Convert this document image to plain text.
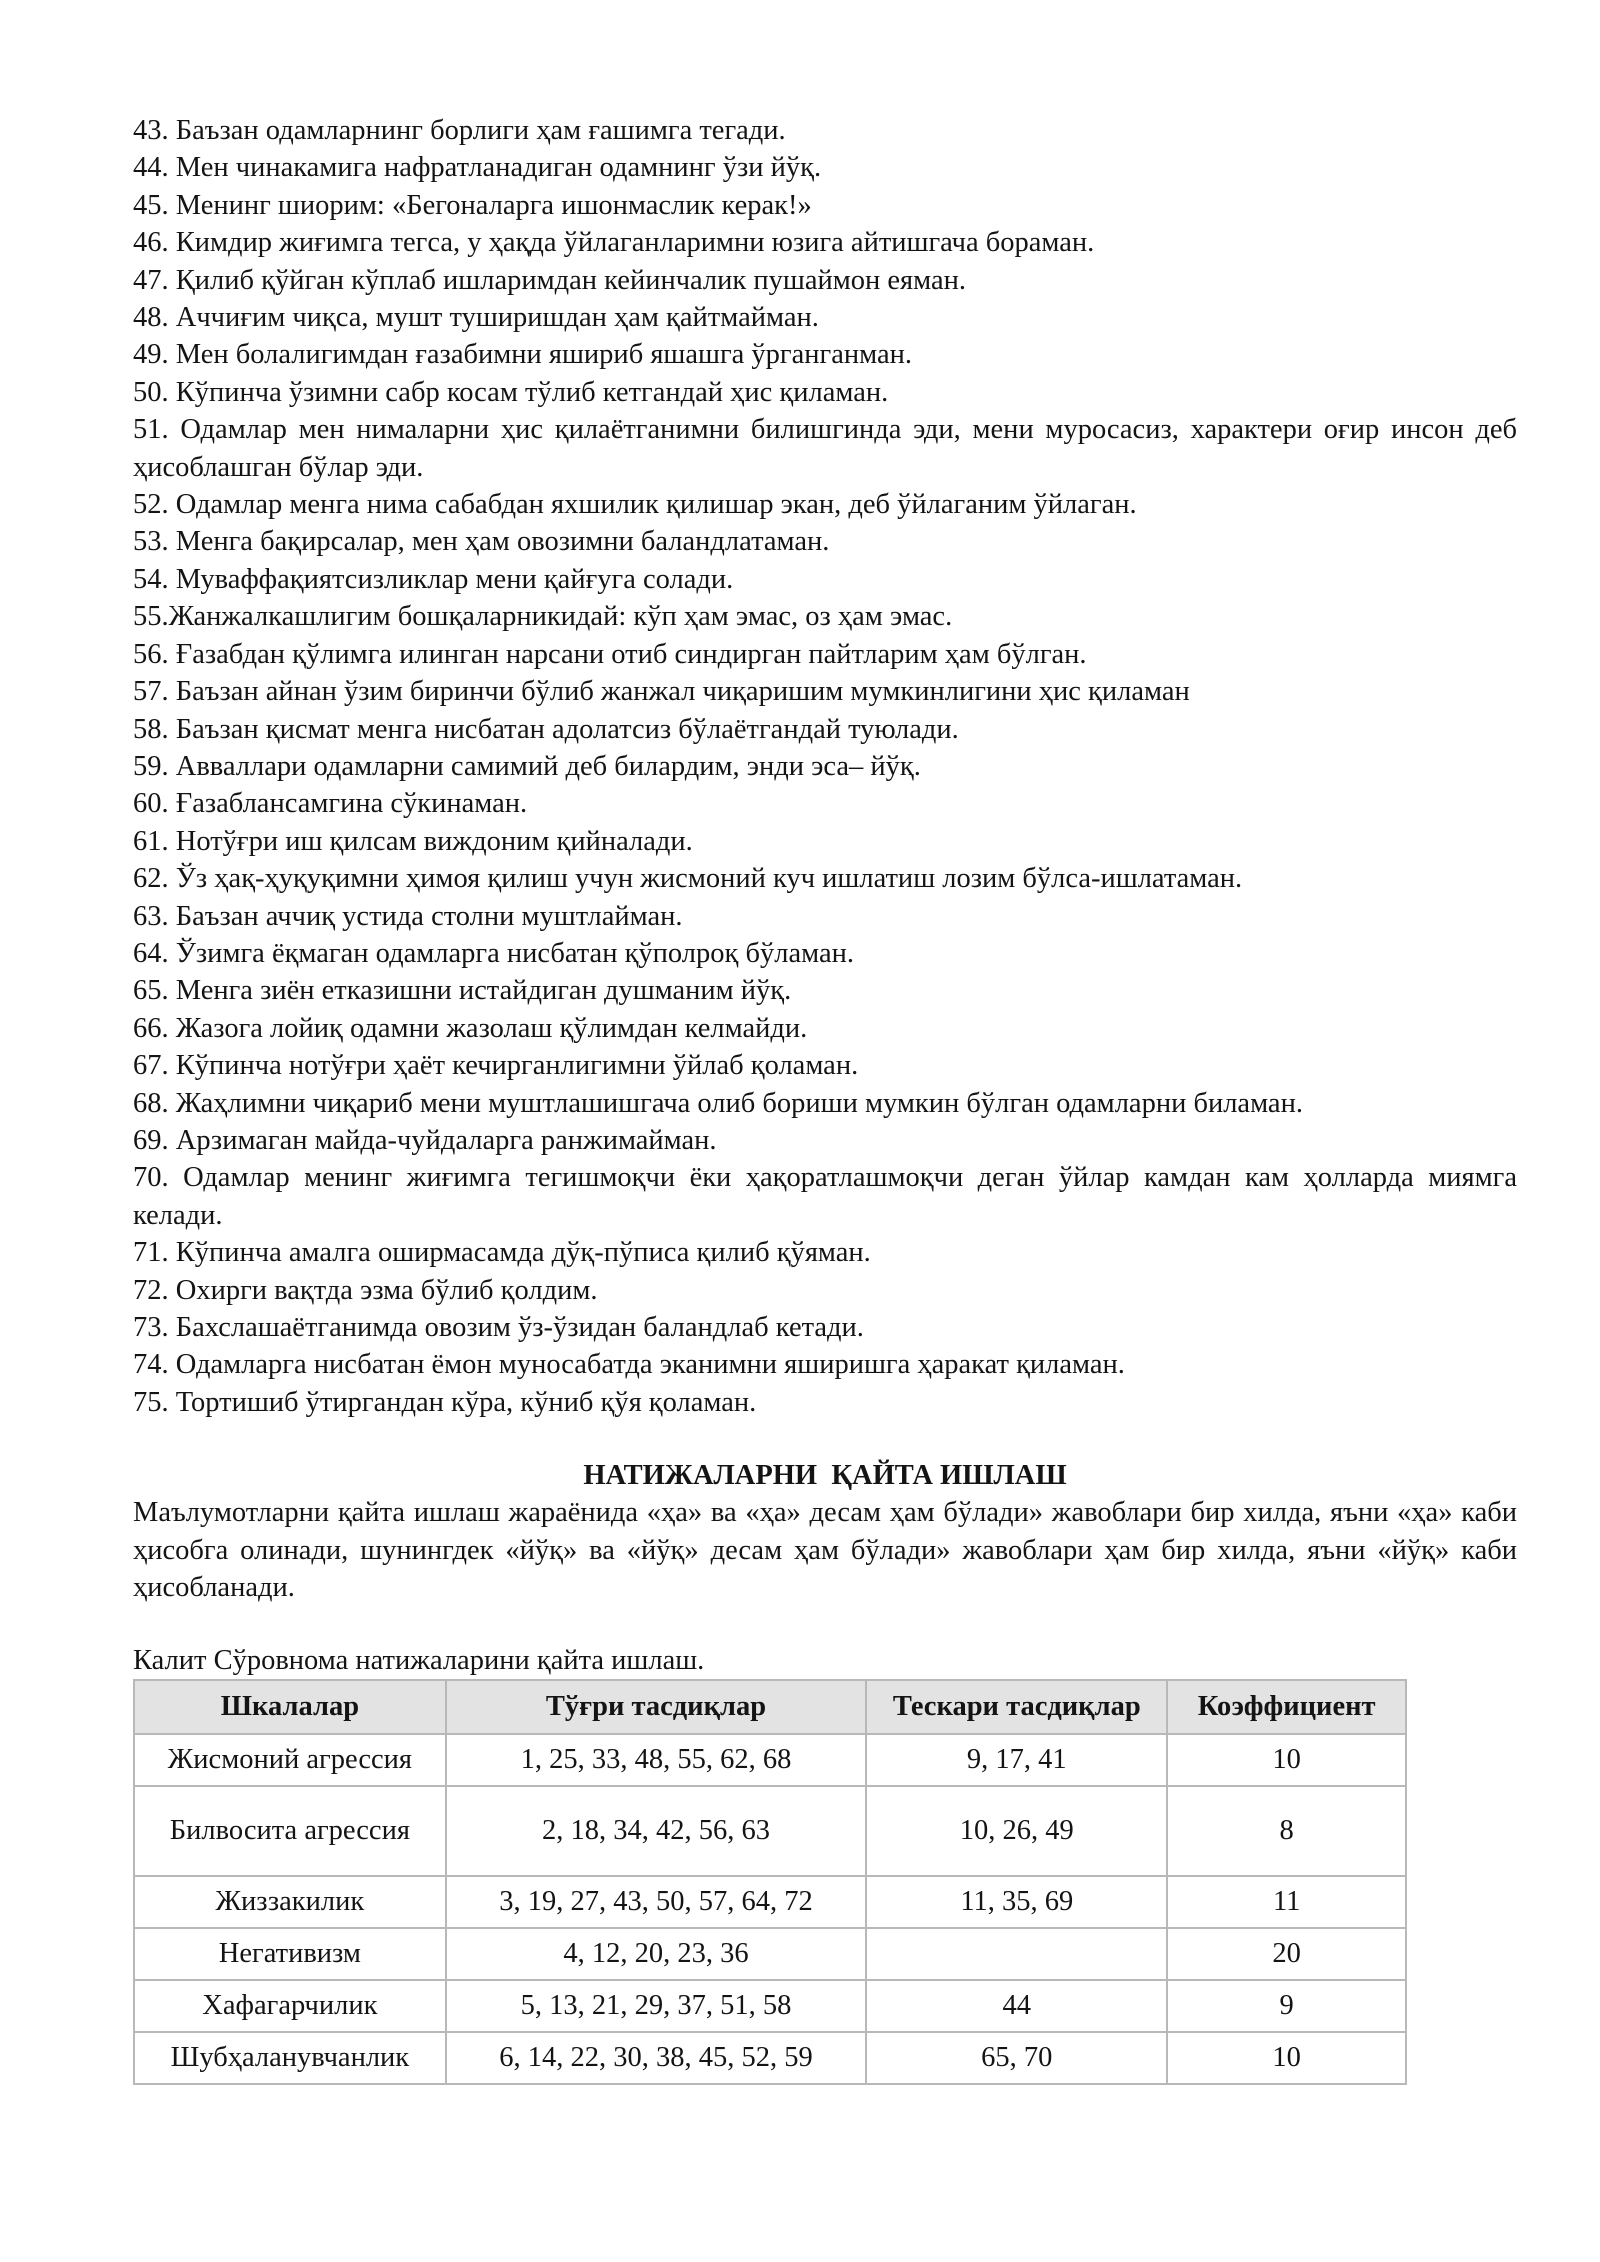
43. Баъзан одамларнинг борлиги ҳам ғашимга тегади.

44. Мен чинакамига нафратланадиган одамнинг ўзи йўқ.

45. Менинг шиорим: «Бегоналарга ишонмаслик керак!»

46. Кимдир жиғимга тегса, у ҳақда ўйлаганларимни юзига айтишгача бораман.

47. Қилиб қўйган кўплаб ишларимдан кейинчалик пушаймон еяман.

48. Аччиғим чиқса, мушт туширишдан ҳам қайтмайман.

49. Мен болалигимдан ғазабимни яшириб яшашга ўрганганман.

50. Кўпинча ўзимни сабр косам тўлиб кетгандай ҳис қиламан.

51. Одамлар мен нималарни ҳис қилаётганимни билишгинда эди, мени муросасиз, характери оғир инсон деб ҳисоблашган бўлар эди.

52. Одамлар менга нима сабабдан яхшилик қилишар экан, деб ўйлаганим ўйлаган.

53. Менга бақирсалар, мен ҳам овозимни баландлатаман.

54. Муваффақиятсизликлар мени қайғуга солади.

55.Жанжалкашлигим бошқаларникидай: кўп ҳам эмас, оз ҳам эмас.

56. Ғазабдан қўлимга илинган нарсани отиб синдирган пайтларим ҳам бўлган.

57. Баъзан айнан ўзим биринчи бўлиб жанжал чиқаришим мумкинлигини ҳис қиламан

58. Баъзан қисмат менга нисбатан адолатсиз бўлаётгандай туюлади.

59. Авваллари одамларни самимий деб билардим, энди эса– йўқ.

60. Ғазаблансамгина сўкинаман.

61. Нотўғри иш қилсам виждоним қийналади.

62. Ўз ҳақ-ҳуқуқимни ҳимоя қилиш учун жисмоний куч ишлатиш лозим бўлса-ишлатаман.

63. Баъзан аччиқ устида столни муштлайман.

64. Ўзимга ёқмаган одамларга нисбатан қўполроқ бўламан.

65. Менга зиён етказишни истайдиган душманим йўқ.

66. Жазога лойиқ одамни жазолаш қўлимдан келмайди.

67. Кўпинча нотўғри ҳаёт кечирганлигимни ўйлаб қоламан.

68. Жаҳлимни чиқариб мени муштлашишгача олиб бориши мумкин бўлган одамларни биламан.

69. Арзимаган майда-чуйдаларга ранжимайман.

70. Одамлар менинг жиғимга тегишмоқчи ёки ҳақоратлашмоқчи деган ўйлар камдан кам ҳолларда миямга келади.

71. Кўпинча амалга оширмасамда дўқ-пўписа қилиб қўяман.

72. Охирги вақтда эзма бўлиб қолдим.

73. Бахслашаётганимда овозим ўз-ўзидан баландлаб кетади.

74. Одамларга нисбатан ёмон муносабатда эканимни яширишга ҳаракат қиламан.

75. Тортишиб ўтиргандан кўра, кўниб қўя қоламан.

НАТИЖАЛАРНИ  ҚАЙТА ИШЛАШ

Маълумотларни қайта ишлаш жараёнида «ҳа» ва «ҳа» десам ҳам бўлади» жавоблари бир хилда, яъни «ҳа» каби ҳисобга олинади, шунингдек «йўқ» ва «йўқ» десам ҳам бўлади» жавоблари ҳам бир хилда, яъни «йўқ» каби ҳисобланади.

Калит Сўровнома натижаларини қайта ишлаш.

Шкалалар	Тўғри тасдиқлар	Тескари тасдиқлар	Коэффициент
Жисмоний агрессия	1, 25, 33, 48, 55, 62, 68	9, 17, 41	10
Билвосита агрессия	2, 18, 34, 42, 56, 63	10, 26, 49	8
Жиззакилик	3, 19, 27, 43, 50, 57, 64, 72	11, 35, 69	11
Негативизм	4, 12, 20, 23, 36		20
Хафагарчилик	5, 13, 21, 29, 37, 51, 58	44	9
Шубҳаланувчанлик	6, 14, 22, 30, 38, 45, 52, 59	65, 70	10
